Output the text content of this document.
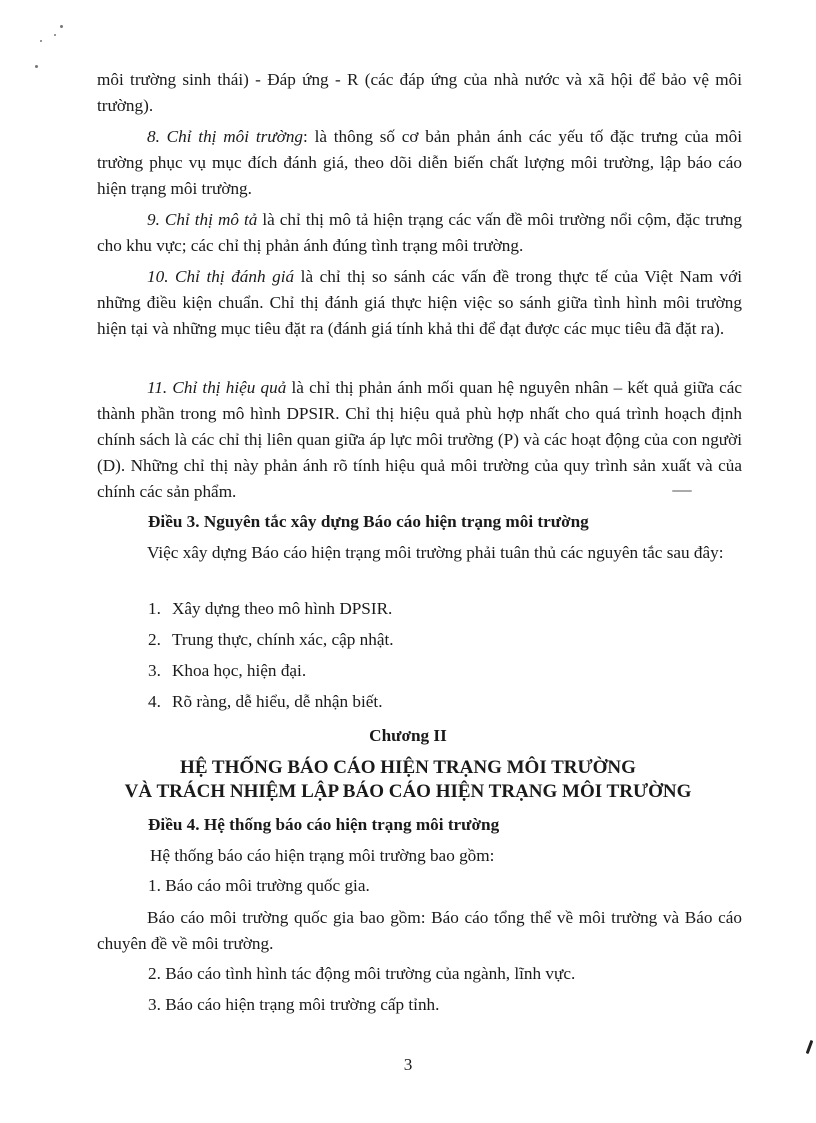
môi trường sinh thái) - Đáp ứng - R (các đáp ứng của nhà nước và xã hội để bảo vệ môi trường).

8. Chỉ thị môi trường: là thông số cơ bản phản ánh các yếu tố đặc trưng của môi trường phục vụ mục đích đánh giá, theo dõi diễn biến chất lượng môi trường, lập báo cáo hiện trạng môi trường.

9. Chỉ thị mô tả là chỉ thị mô tả hiện trạng các vấn đề môi trường nổi cộm, đặc trưng cho khu vực; các chỉ thị phản ánh đúng tình trạng môi trường.

10. Chỉ thị đánh giá là chỉ thị so sánh các vấn đề trong thực tế của Việt Nam với những điều kiện chuẩn. Chỉ thị đánh giá thực hiện việc so sánh giữa tình hình môi trường hiện tại và những mục tiêu đặt ra (đánh giá tính khả thi để đạt được các mục tiêu đã đặt ra).

11. Chỉ thị hiệu quả là chỉ thị phản ánh mối quan hệ nguyên nhân – kết quả giữa các thành phần trong mô hình DPSIR. Chỉ thị hiệu quả phù hợp nhất cho quá trình hoạch định chính sách là các chỉ thị liên quan giữa áp lực môi trường (P) và các hoạt động của con người (D). Những chỉ thị này phản ánh rõ tính hiệu quả môi trường của quy trình sản xuất và của chính các sản phẩm.

Điều 3. Nguyên tắc xây dựng Báo cáo hiện trạng môi trường

Việc xây dựng Báo cáo hiện trạng môi trường phải tuân thủ các nguyên tắc sau đây:

1. Xây dựng theo mô hình DPSIR.

2. Trung thực, chính xác, cập nhật.

3. Khoa học, hiện đại.

4. Rõ ràng, dễ hiểu, dễ nhận biết.

Chương II

HỆ THỐNG BÁO CÁO HIỆN TRẠNG MÔI TRƯỜNG

VÀ TRÁCH NHIỆM LẬP BÁO CÁO HIỆN TRẠNG MÔI TRƯỜNG

Điều 4. Hệ thống báo cáo hiện trạng môi trường

Hệ thống báo cáo hiện trạng môi trường bao gồm:

1. Báo cáo môi trường quốc gia.

Báo cáo môi trường quốc gia bao gồm: Báo cáo tổng thể về môi trường và Báo cáo chuyên đề về môi trường.

2. Báo cáo tình hình tác động môi trường của ngành, lĩnh vực.

3. Báo cáo hiện trạng môi trường cấp tỉnh.

3
